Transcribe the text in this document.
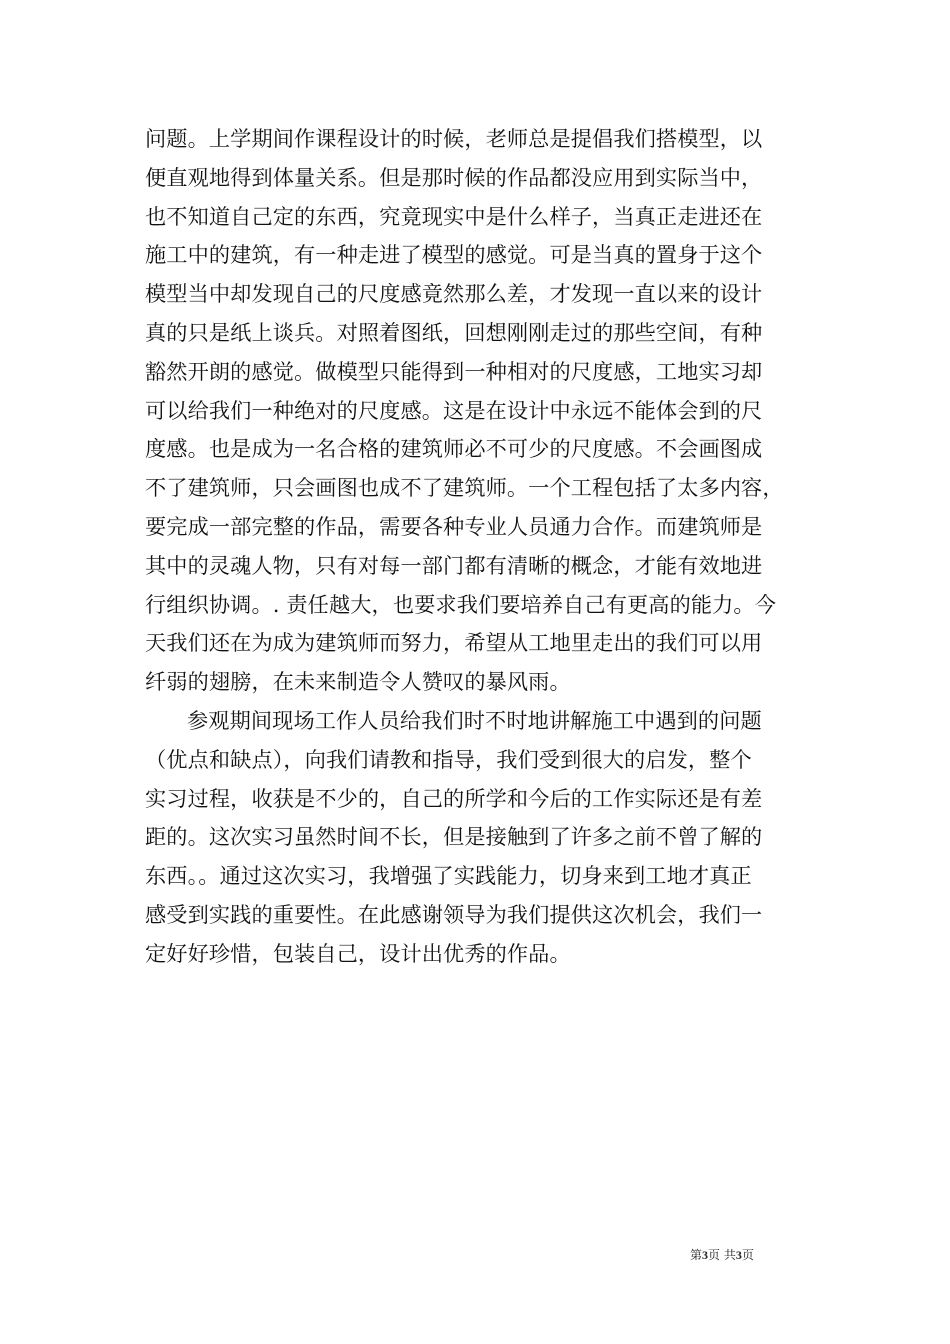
问题。上学期间作课程设计的时候，老师总是提倡我们搭模型，以
便直观地得到体量关系。但是那时候的作品都没应用到实际当中，
也不知道自己定的东西，究竟现实中是什么样子，当真正走进还在
施工中的建筑，有一种走进了模型的感觉。可是当真的置身于这个
模型当中却发现自己的尺度感竟然那么差，才发现一直以来的设计
真的只是纸上谈兵。对照着图纸，回想刚刚走过的那些空间，有种
豁然开朗的感觉。做模型只能得到一种相对的尺度感，工地实习却
可以给我们一种绝对的尺度感。这是在设计中永远不能体会到的尺
度感。也是成为一名合格的建筑师必不可少的尺度感。不会画图成
不了建筑师，只会画图也成不了建筑师。一个工程包括了太多内容，
要完成一部完整的作品，需要各种专业人员通力合作。而建筑师是
其中的灵魂人物，只有对每一部门都有清晰的概念，才能有效地进
行组织协调。. 责任越大，也要求我们要培养自己有更高的能力。今
天我们还在为成为建筑师而努力，希望从工地里走出的我们可以用
纤弱的翅膀，在未来制造令人赞叹的暴风雨。
参观期间现场工作人员给我们时不时地讲解施工中遇到的问题
（优点和缺点），向我们请教和指导，我们受到很大的启发，整个
实习过程，收获是不少的，自己的所学和今后的工作实际还是有差
距的。这次实习虽然时间不长，但是接触到了许多之前不曾了解的
东西。。通过这次实习，我增强了实践能力，切身来到工地才真正
感受到实践的重要性。在此感谢领导为我们提供这次机会，我们一
定好好珍惜，包装自己，设计出优秀的作品。
第3页 共3页
